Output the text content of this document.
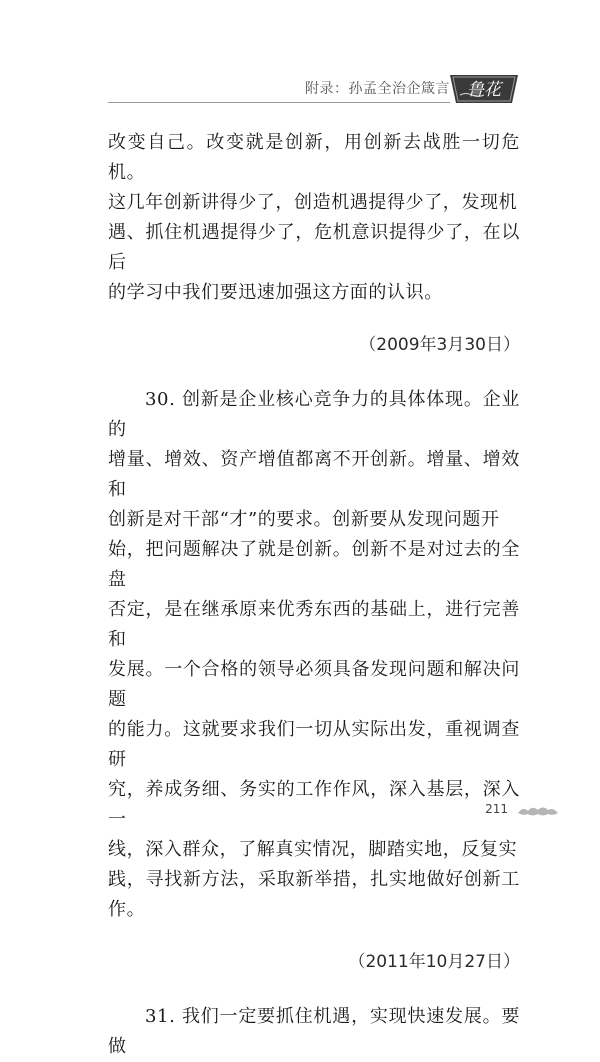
附录：孙孟全治企箴言 鲁花

改变自己。改变就是创新，用创新去战胜一切危机。
这几年创新讲得少了，创造机遇提得少了，发现机
遇、抓住机遇提得少了，危机意识提得少了，在以后
的学习中我们要迅速加强这方面的认识。

（2009年3月30日）

30. 创新是企业核心竞争力的具体体现。企业的
增量、增效、资产增值都离不开创新。增量、增效和
创新是对干部“才”的要求。创新要从发现问题开
始，把问题解决了就是创新。创新不是对过去的全盘
否定，是在继承原来优秀东西的基础上，进行完善和
发展。一个合格的领导必须具备发现问题和解决问题
的能力。这就要求我们一切从实际出发，重视调查研
究，养成务细、务实的工作作风，深入基层，深入一
线，深入群众，了解真实情况，脚踏实地，反复实
践，寻找新方法，采取新举措，扎实地做好创新工作。

（2011年10月27日）

31. 我们一定要抓住机遇，实现快速发展。要做

211
